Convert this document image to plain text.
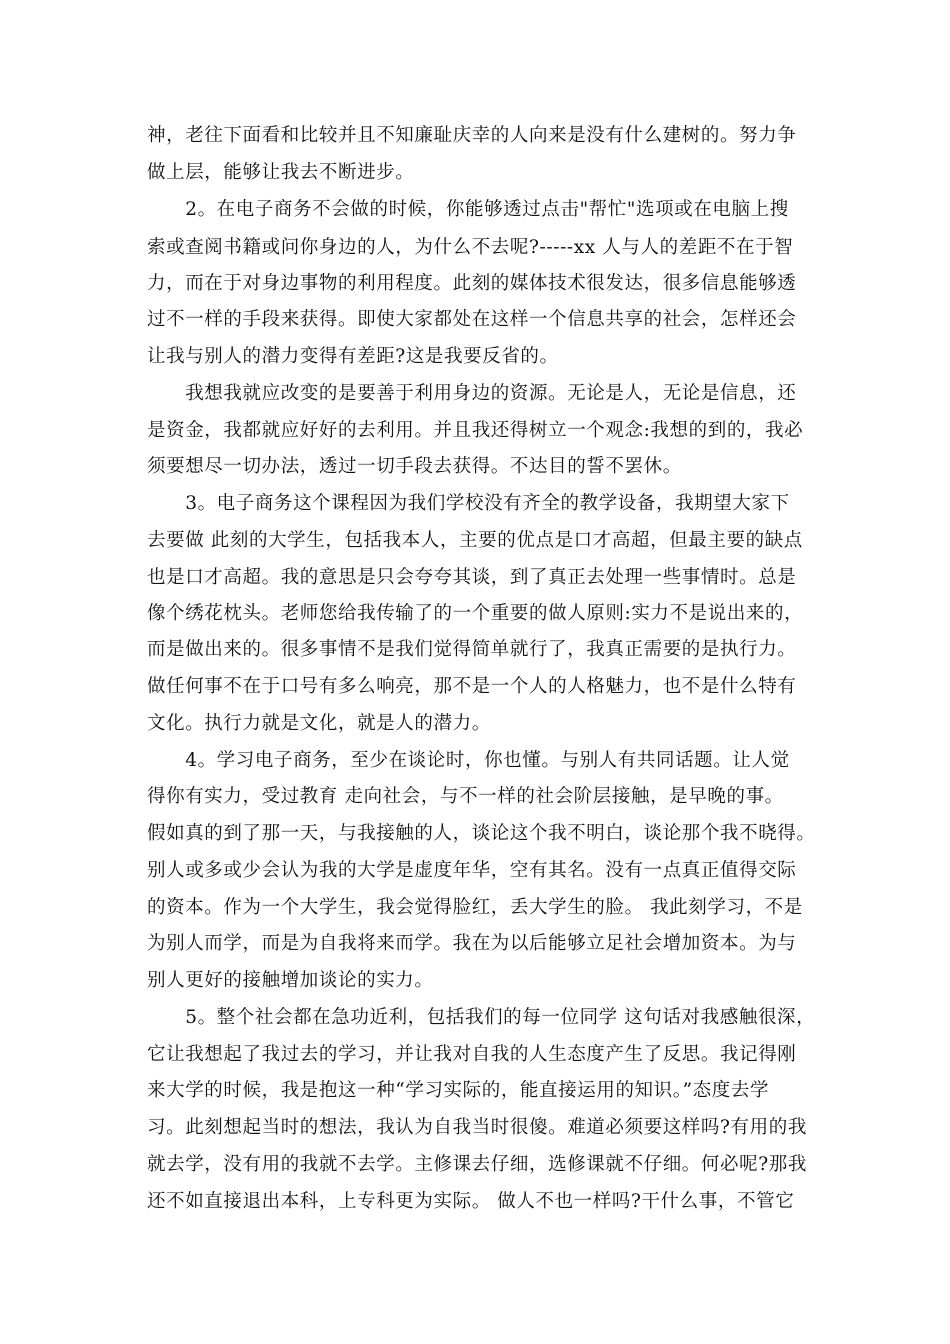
神，老往下面看和比较并且不知廉耻庆幸的人向来是没有什么建树的。努力争
做上层，能够让我去不断进步。
　　2。在电子商务不会做的时候，你能够透过点击"帮忙"选项或在电脑上搜
索或查阅书籍或问你身边的人，为什么不去呢?-----xx 人与人的差距不在于智
力，而在于对身边事物的利用程度。此刻的媒体技术很发达，很多信息能够透
过不一样的手段来获得。即使大家都处在这样一个信息共享的社会，怎样还会
让我与别人的潜力变得有差距?这是我要反省的。
　　我想我就应改变的是要善于利用身边的资源。无论是人，无论是信息，还
是资金，我都就应好好的去利用。并且我还得树立一个观念:我想的到的，我必
须要想尽一切办法，透过一切手段去获得。不达目的誓不罢休。
　　3。电子商务这个课程因为我们学校没有齐全的教学设备，我期望大家下
去要做 此刻的大学生，包括我本人，主要的优点是口才高超，但最主要的缺点
也是口才高超。我的意思是只会夸夸其谈，到了真正去处理一些事情时。总是
像个绣花枕头。老师您给我传输了的一个重要的做人原则:实力不是说出来的，
而是做出来的。很多事情不是我们觉得简单就行了，我真正需要的是执行力。
做任何事不在于口号有多么响亮，那不是一个人的人格魅力，也不是什么特有
文化。执行力就是文化，就是人的潜力。
　　4。学习电子商务，至少在谈论时，你也懂。与别人有共同话题。让人觉
得你有实力，受过教育 走向社会，与不一样的社会阶层接触，是早晚的事。
假如真的到了那一天，与我接触的人，谈论这个我不明白，谈论那个我不晓得。
别人或多或少会认为我的大学是虚度年华，空有其名。没有一点真正值得交际
的资本。作为一个大学生，我会觉得脸红，丢大学生的脸。 我此刻学习，不是
为别人而学，而是为自我将来而学。我在为以后能够立足社会增加资本。为与
别人更好的接触增加谈论的实力。
　　5。整个社会都在急功近利，包括我们的每一位同学 这句话对我感触很深，
它让我想起了我过去的学习，并让我对自我的人生态度产生了反思。我记得刚
来大学的时候，我是抱这一种“学习实际的，能直接运用的知识。”态度去学
习。此刻想起当时的想法，我认为自我当时很傻。难道必须要这样吗?有用的我
就去学，没有用的我就不去学。主修课去仔细，选修课就不仔细。何必呢?那我
还不如直接退出本科，上专科更为实际。 做人不也一样吗?干什么事，不管它
